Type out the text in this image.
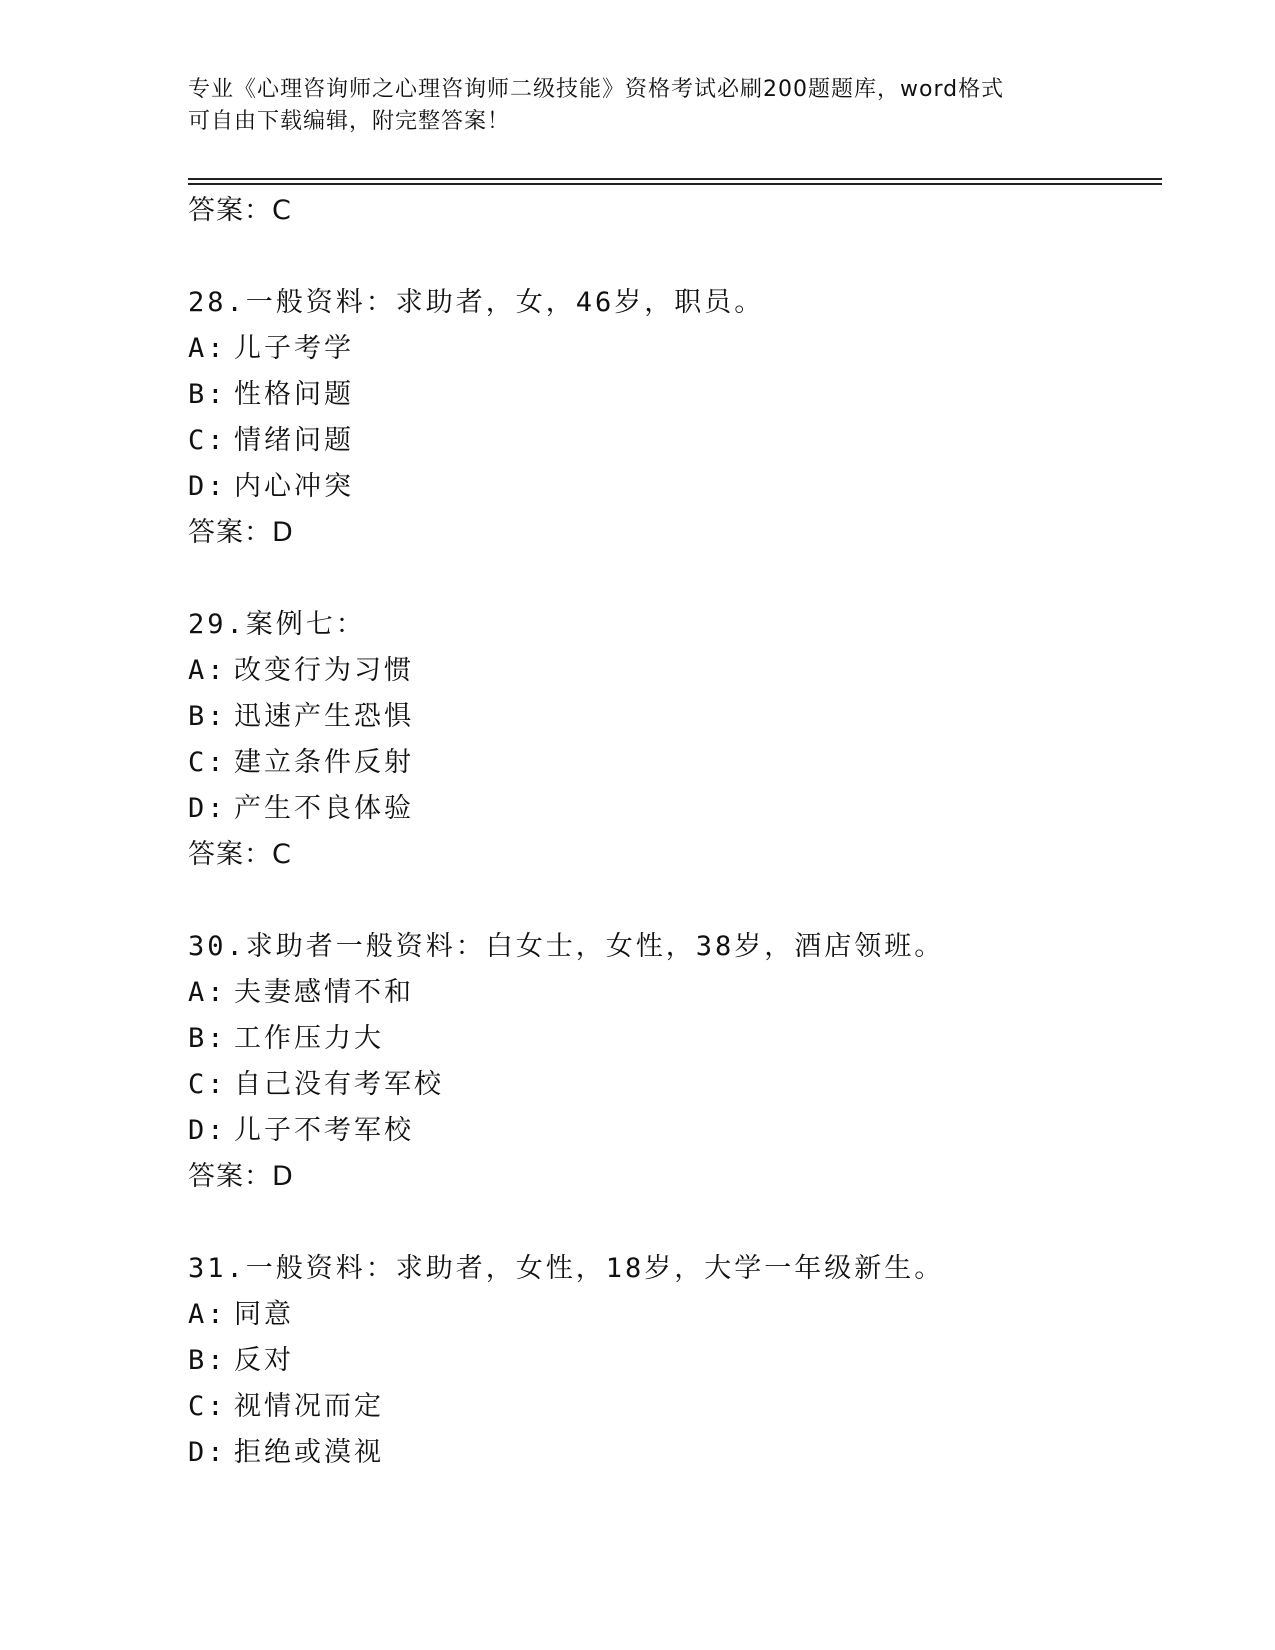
专业《心理咨询师之心理咨询师二级技能》资格考试必刷200题题库，word格式
可自由下载编辑，附完整答案！
答案：C
28.一般资料：求助者，女，46岁，职员。
A: 儿子考学
B: 性格问题
C: 情绪问题
D: 内心冲突
答案：D
29.案例七：
A: 改变行为习惯
B: 迅速产生恐惧
C: 建立条件反射
D: 产生不良体验
答案：C
30.求助者一般资料：白女士，女性，38岁，酒店领班。
A: 夫妻感情不和
B: 工作压力大
C: 自己没有考军校
D: 儿子不考军校
答案：D
31.一般资料：求助者，女性，18岁，大学一年级新生。
A: 同意
B: 反对
C: 视情况而定
D: 拒绝或漠视
